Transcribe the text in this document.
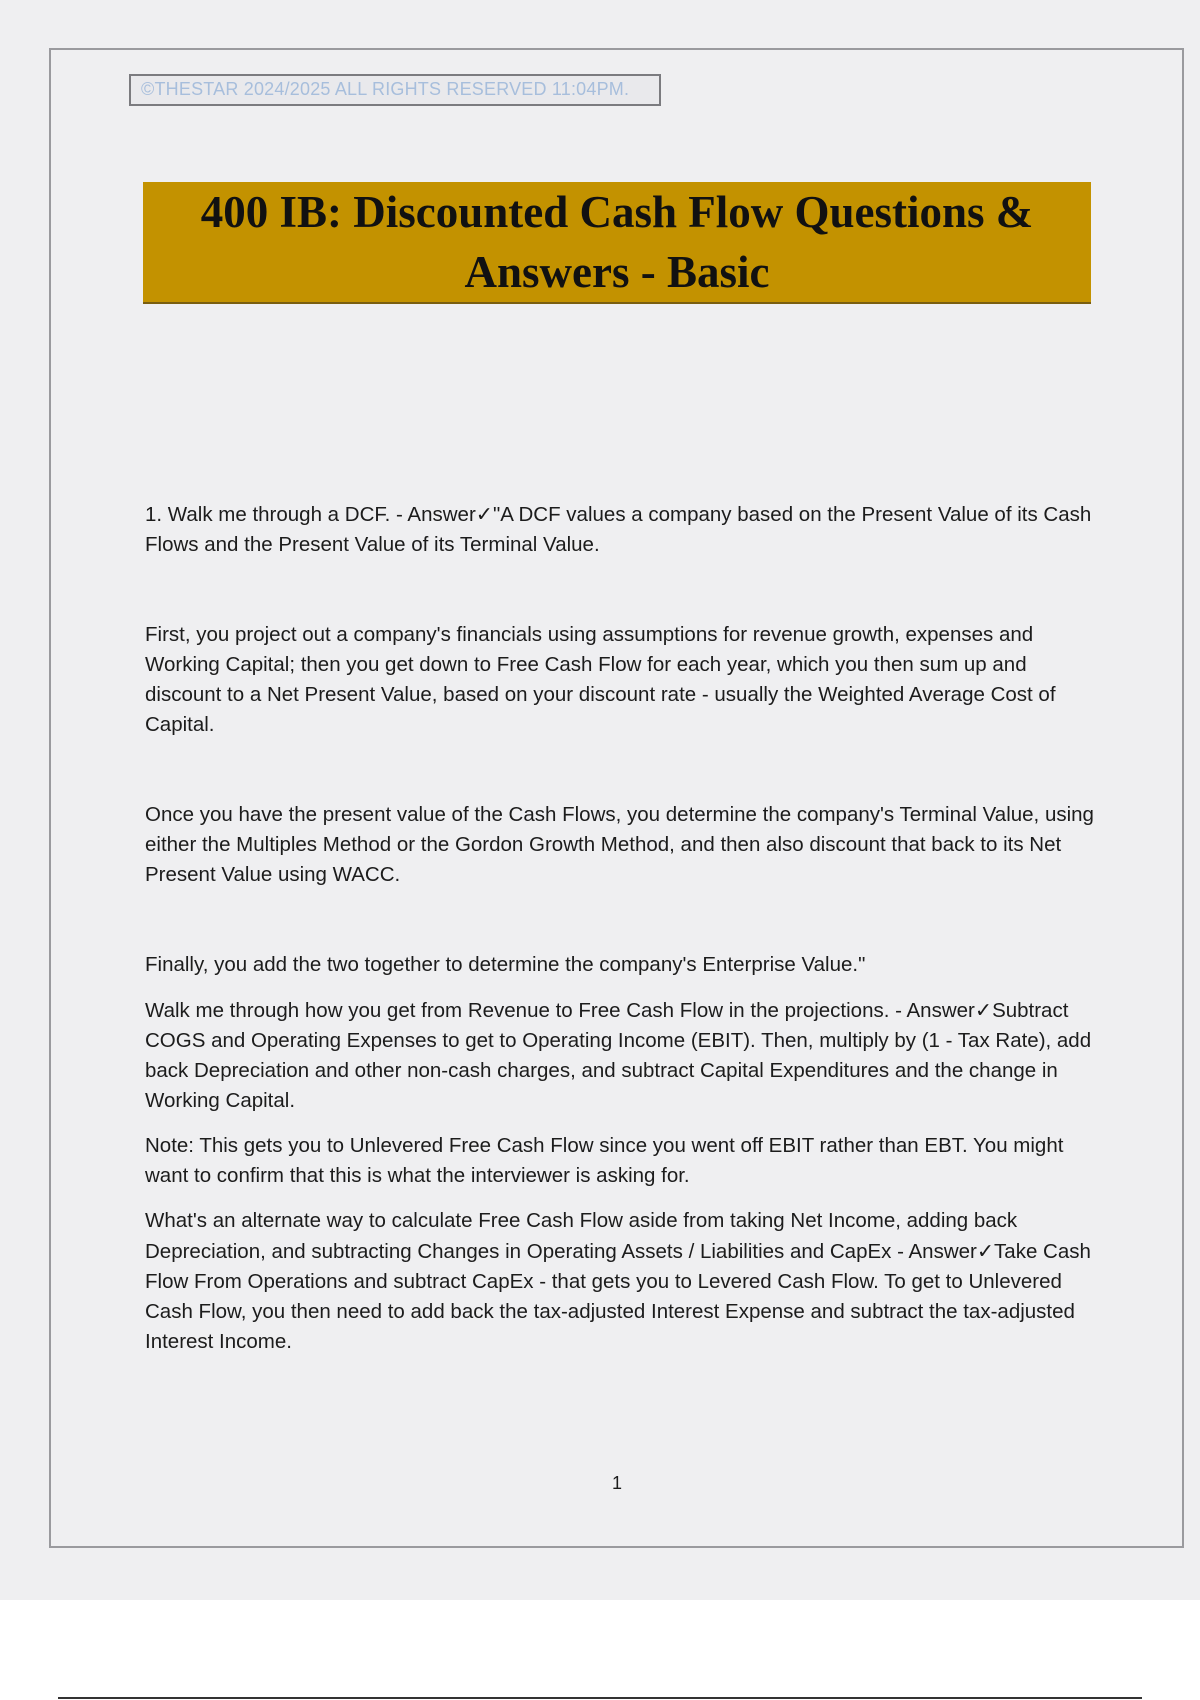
©THESTAR 2024/2025 ALL RIGHTS RESERVED 11:04PM.
400 IB: Discounted Cash Flow Questions &
Answers - Basic

1. Walk me through a DCF. - Answer✓"A DCF values a company based on the Present Value of its Cash Flows and the Present Value of its Terminal Value.

First, you project out a company's financials using assumptions for revenue growth, expenses and Working Capital; then you get down to Free Cash Flow for each year, which you then sum up and discount to a Net Present Value, based on your discount rate - usually the Weighted Average Cost of Capital.

Once you have the present value of the Cash Flows, you determine the company's Terminal Value, using either the Multiples Method or the Gordon Growth Method, and then also discount that back to its Net Present Value using WACC.

Finally, you add the two together to determine the company's Enterprise Value."

Walk me through how you get from Revenue to Free Cash Flow in the projections. - Answer✓Subtract COGS and Operating Expenses to get to Operating Income (EBIT). Then, multiply by (1 - Tax Rate), add back Depreciation and other non-cash charges, and subtract Capital Expenditures and the change in Working Capital.

Note: This gets you to Unlevered Free Cash Flow since you went off EBIT rather than EBT. You might want to confirm that this is what the interviewer is asking for.

What's an alternate way to calculate Free Cash Flow aside from taking Net Income, adding back Depreciation, and subtracting Changes in Operating Assets / Liabilities and CapEx - Answer✓Take Cash Flow From Operations and subtract CapEx - that gets you to Levered Cash Flow. To get to Unlevered Cash Flow, you then need to add back the tax-adjusted Interest Expense and subtract the tax-adjusted Interest Income.

1
